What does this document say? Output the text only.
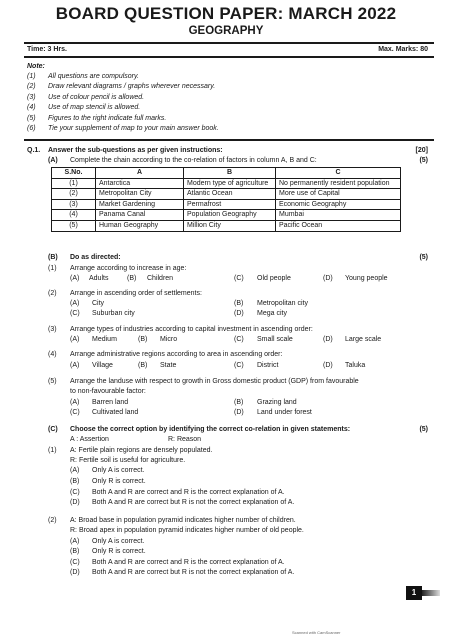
BOARD QUESTION PAPER: MARCH 2022
GEOGRAPHY
Time: 3 Hrs.	Max. Marks: 80
Note:
(1) All questions are compulsory.
(2) Draw relevant diagrams / graphs wherever necessary.
(3) Use of colour pencil is allowed.
(4) Use of map stencil is allowed.
(5) Figures to the right indicate full marks.
(6) Tie your supplement of map to your main answer book.
Q.1. Answer the sub-questions as per given instructions:	[20]
(A) Complete the chain according to the co-relation of factors in column A, B and C:	(5)
S.No.	A	B	C
(1)	Antarctica	Modern type of agriculture	No permanently resident population
(2)	Metropolitan City	Atlantic Ocean	More use of Capital
(3)	Market Gardening	Permafrost	Economic Geography
(4)	Panama Canal	Population Geography	Mumbai
(5)	Human Geography	Million City	Pacific Ocean
(B) Do as directed:	(5)
(1) Arrange according to increase in age:
(A) Adults	(B) Children	(C) Old people	(D) Young people
(2) Arrange in ascending order of settlements:
(A) City	(B) Metropolitan city
(C) Suburban city	(D) Mega city
(3) Arrange types of industries according to capital investment in ascending order:
(A) Medium	(B) Micro	(C) Small scale	(D) Large scale
(4) Arrange administrative regions according to area in ascending order:
(A) Village	(B) State	(C) District	(D) Taluka
(5) Arrange the landuse with respect to growth in Gross domestic product (GDP) from favourable
to non-favourable factor:
(A) Barren land	(B) Grazing land
(C) Cultivated land	(D) Land under forest
(C) Choose the correct option by identifying the correct co-relation in given statements:	(5)
A : Assertion	R: Reason
(1) A: Fertile plain regions are densely populated.
R: Fertile soil is useful for agriculture.
(A) Only A is correct.
(B) Only R is correct.
(C) Both A and R are correct and R is the correct explanation of A.
(D) Both A and R are correct but R is not the correct explanation of A.
(2) A: Broad base in population pyramid indicates higher number of children.
R: Broad apex in population pyramid indicates higher number of old people.
(A) Only A is correct.
(B) Only R is correct.
(C) Both A and R are correct and R is the correct explanation of A.
(D) Both A and R are correct but R is not the correct explanation of A.
1
Scanned with CamScanner
